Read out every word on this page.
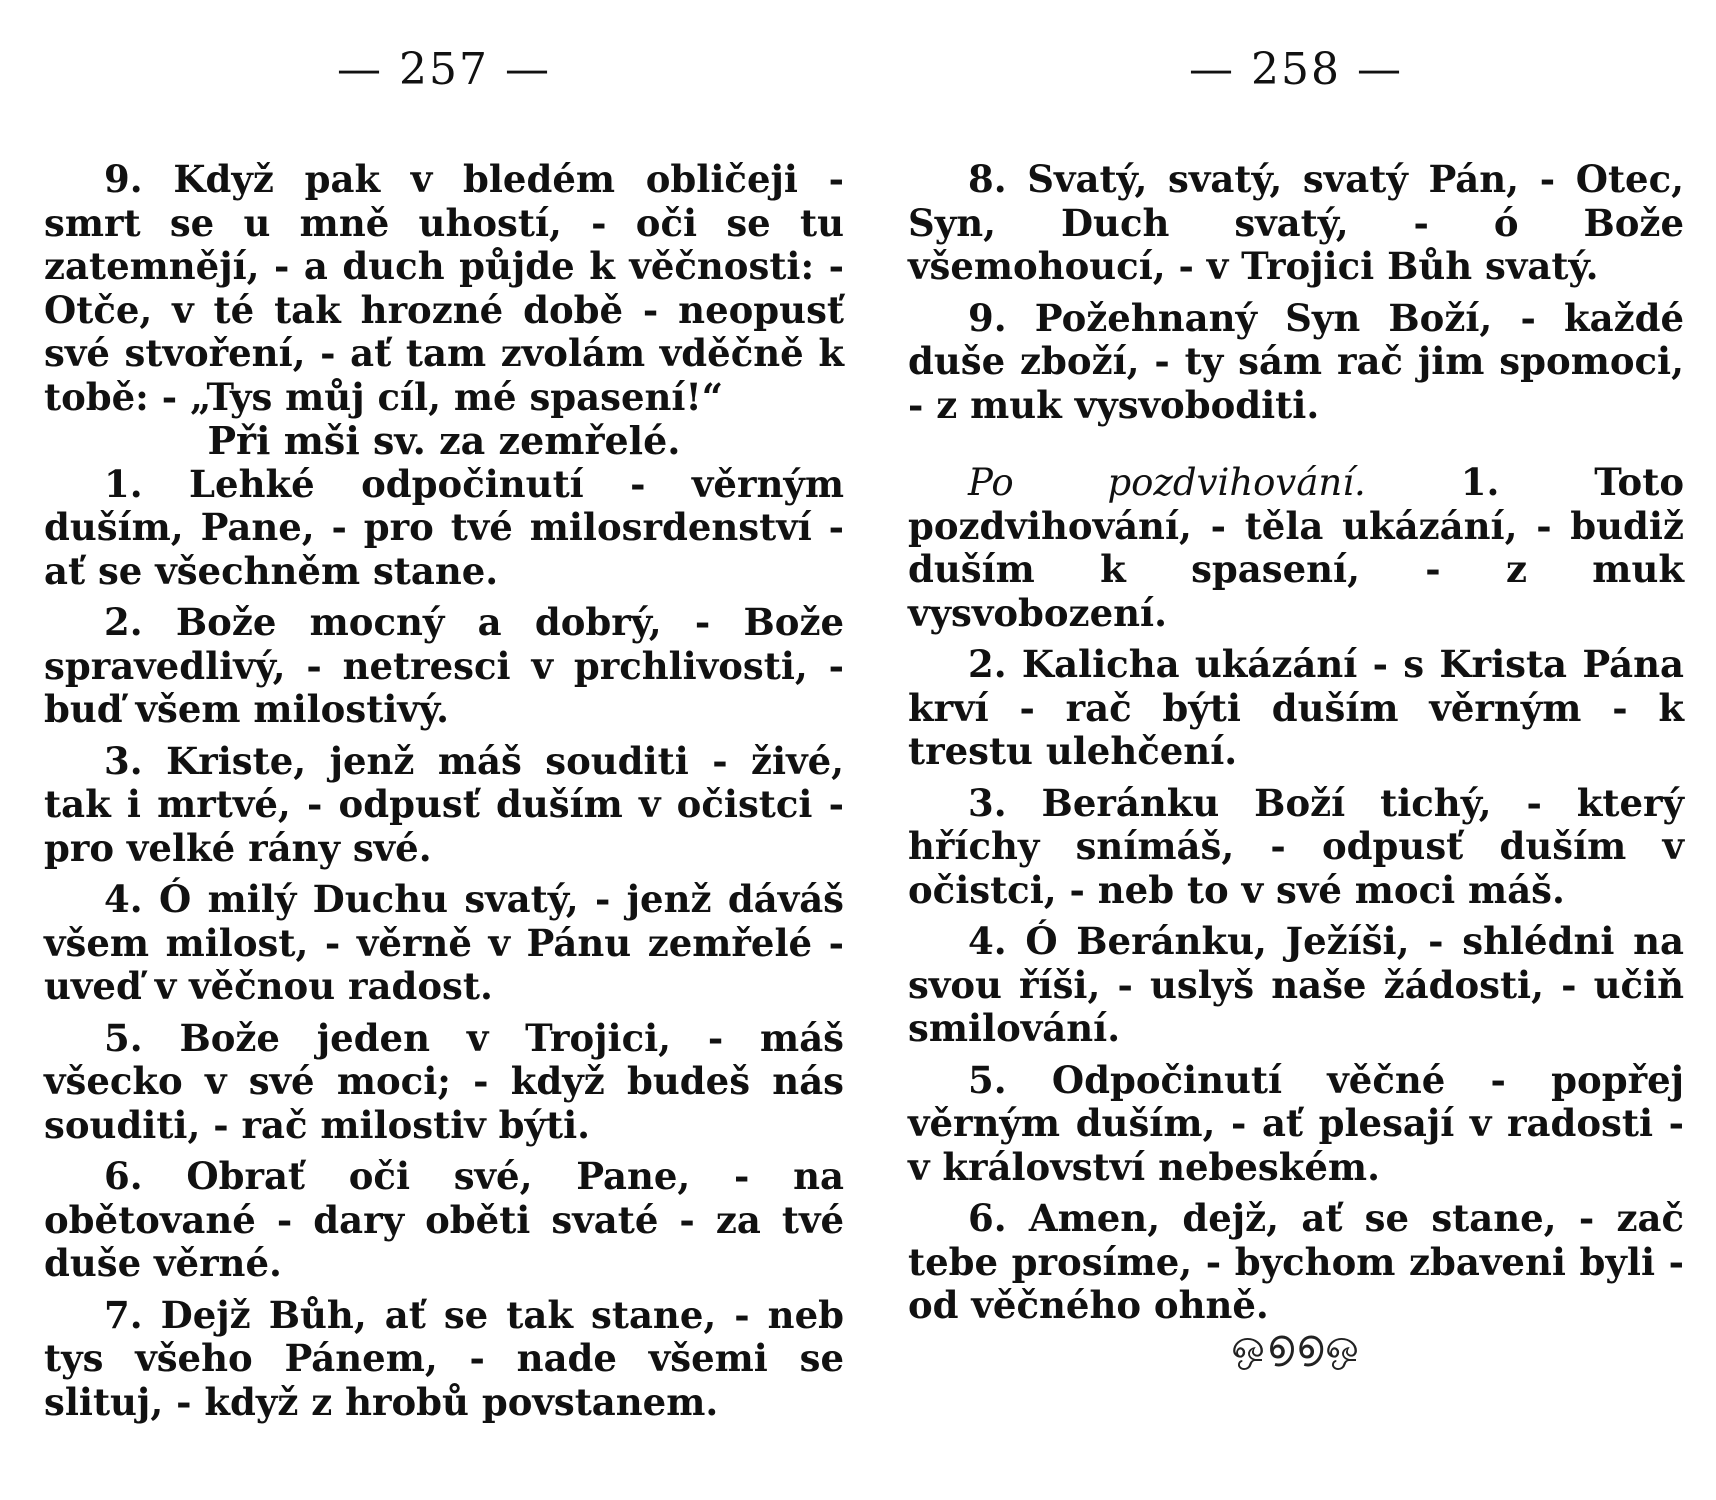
— 257 —

9. Když pak v bledém obličeji - smrt se u mně uhostí, - oči se tu zatemnějí, - a duch půjde k věčnosti: - Otče, v té tak hrozné době - neopusť své stvoření, - ať tam zvolám vděčně k tobě: - „Tys můj cíl, mé spasení!“

Při mši sv. za zemřelé.

1. Lehké odpočinutí - věrným duším, Pane, - pro tvé milosrdenství - ať se všechněm stane.

2. Bože mocný a dobrý, - Bože spravedlivý, - netresci v prchlivosti, - buď všem milostivý.

3. Kriste, jenž máš souditi - živé, tak i mrtvé, - odpusť duším v očistci - pro velké rány své.

4. Ó milý Duchu svatý, - jenž dáváš všem milost, - věrně v Pánu zemřelé - uveď v věčnou radost.

5. Bože jeden v Trojici, - máš všecko v své moci; - když budeš nás souditi, - rač milostiv býti.

6. Obrať oči své, Pane, - na obětované - dary oběti svaté - za tvé duše věrné.

7. Dejž Bůh, ať se tak stane, - neb tys všeho Pánem, - nade všemi se slituj, - když z hrobů povstanem.

— 258 —

8. Svatý, svatý, svatý Pán, - Otec, Syn, Duch svatý, - ó Bože všemohoucí, - v Trojici Bůh svatý.

9. Požehnaný Syn Boží, - každé duše zboží, - ty sám rač jim spomoci, - z muk vysvoboditi.

Po pozdvihování. 1. Toto pozdvihování, - těla ukázání, - budiž duším k spasení, - z muk vysvobození.

2. Kalicha ukázání - s Krista Pána krví - rač býti duším věrným - k trestu ulehčení.

3. Beránku Boží tichý, - který hříchy snímáš, - odpusť duším v očistci, - neb to v své moci máš.

4. Ó Beránku, Ježíši, - shlédni na svou říši, - uslyš naše žádosti, - učiň smilování.

5. Odpočinutí věčné - popřej věrným duším, - ať plesají v radosti - v království nebeském.

6. Amen, dejž, ať se stane, - zač tebe prosíme, - bychom zbaveni byli - od věčného ohně.

ஒ൭൭ஒ
